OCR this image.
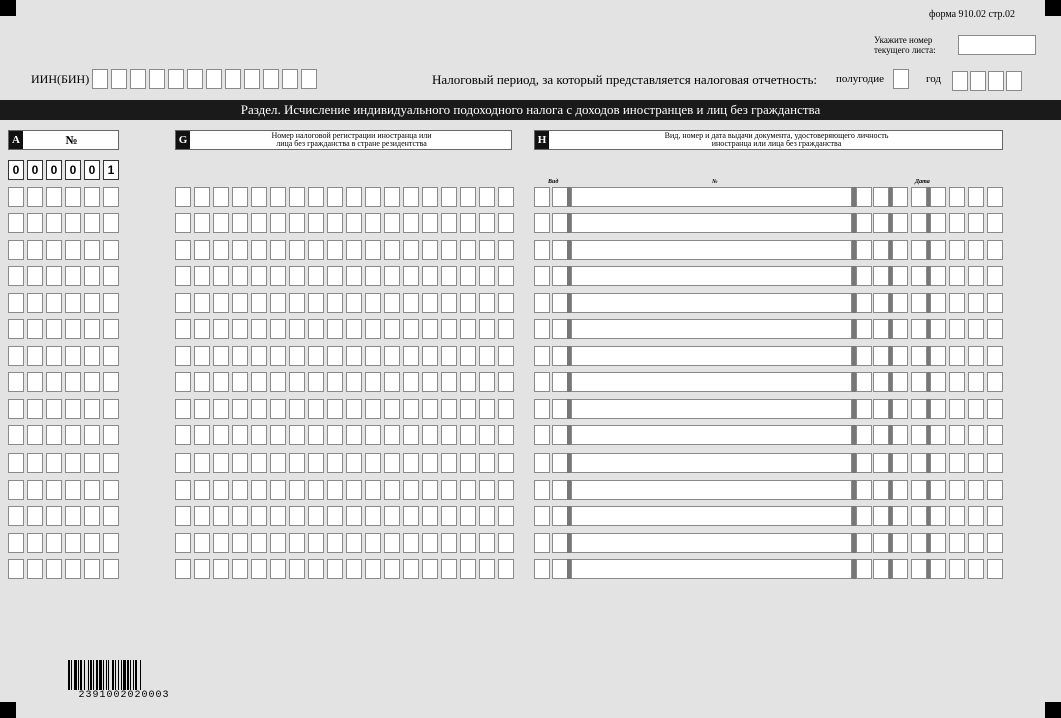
форма 910.02 стр.02
Укажите номер
текущего листа:
ИИН(БИН)	Налоговый период, за который представляется налоговая отчетность: полугодие	год
Раздел. Исчисление индивидуального подоходного налога с доходов иностранцев и лиц без гражданства
A	№	G	Номер налоговой регистрации иностранца или
лица без гражданства в стране резидентства	H	Вид, номер и дата выдачи документа, удостоверяющего личность
иностранца или лица без гражданства
0	0	0	0	0	1
Вид	№	Дата
2391002020003
